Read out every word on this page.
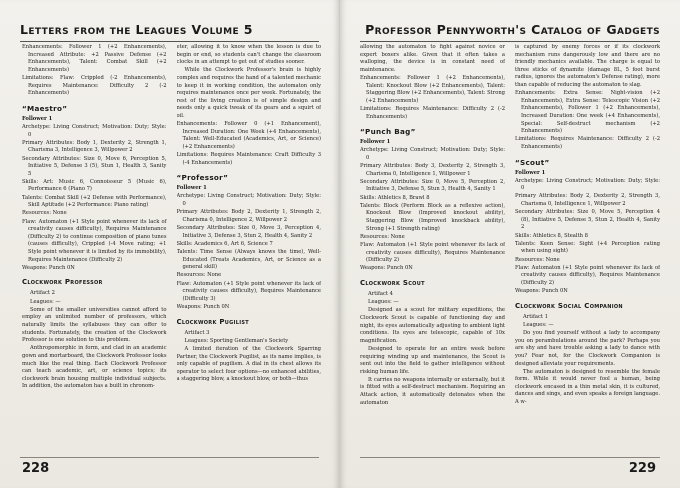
Letters from the Leagues Volume 5

Enhancements: Follower 1 (+2 Enhancements), Increased Attribute: +2 Passive Defense (+2 Enhancements), Talent: Combat Skill (+2 Enhancements)

Limitations: Flaw: Crippled (-2 Enhancements), Requires Maintenance: Difficulty 2 (-2 Enhancements)

“Maestro”

Follower 1

Archetype: Living Construct; Motivation: Duty; Style: 0

Primary Attributes: Body 1, Dexterity 2, Strength 1, Charisma 3, Intelligence 3, Willpower 2

Secondary Attributes: Size 0, Move 6, Perception 5, Initiative 5, Defense 3 (5), Stun 1, Health 3, Sanity 5

Skills: Art: Music 6, Connoisseur 5 (Music 6), Performance 6 (Piano 7)

Talents: Combat Skill (+2 Defense with Performance), Skill Aptitude (+2 Performance: Piano rating)

Resources: None

Flaw: Automaton (+1 Style point whenever its lack of creativity causes difficulty), Requires Maintenance (Difficulty 2) to continue composition of piano tunes (causes difficulty), Crippled (-4 Move rating; +1 Style point whenever it is limited by its immobility), Requires Maintenance (Difficulty 2)

Weapons: Punch 0N

Clockwork Professor

Artifact 2

Leagues: —

Some of the smaller universities cannot afford to employ an unlimited number of professors, which naturally limits the syllabuses they can offer to students. Fortunately, the creation of the Clockwork Professor is one solution to this problem.

Anthropomorphic in form, and clad in an academic gown and mortarboard, the Clockwork Professor looks much like the real thing. Each Clockwork Professor can teach academic, art, or science topics; its clockwork brain housing multiple individual subjects. In addition, the automaton has a built in chronom-

eter, allowing it to know when the lesson is due to begin or end, so students can't change the classroom clocks in an attempt to get out of studies sooner.

While the Clockwork Professor's brain is highly complex and requires the hand of a talented mechanic to keep it in working condition, the automaton only requires maintenance once per week. Fortunately, the rest of the living creation is of simple design and needs only a quick tweak of its gears and a squirt of oil.

Enhancements: Follower 0 (+1 Enhancement), Increased Duration: One Week (+4 Enhancements), Talent: Well-Educated (Academics, Art, or Science) (+2 Enhancements)

Limitations: Requires Maintenance: Craft Difficulty 3 (-4 Enhancements)

“Professor”

Follower 1

Archetype: Living Construct; Motivation: Duty; Style: 0

Primary Attributes: Body 2, Dexterity 1, Strength 2, Charisma 0, Intelligence 2, Willpower 2

Secondary Attributes: Size 0, Move 3, Perception 4, Initiative 3, Defense 3, Stun 2, Health 4, Sanity 2

Skills: Academics 6, Art 6, Science 7

Talents: Time Sense (Always knows the time), Well-Educated (Treats Academics, Art, or Science as a general skill)

Resources: None

Flaw: Automaton (+1 Style point whenever its lack of creativity causes difficulty), Requires Maintenance (Difficulty 3)

Weapons: Punch 0N

Clockwork Pugilist

Artifact 3

Leagues: Sporting Gentleman's Society

A limited iteration of the Clockwork Sparring Partner, the Clockwork Pugilist, as its name implies, is only capable of pugilism. A dial in its chest allows its operator to select four options—no enhanced abilities, a staggering blow, a knockout blow, or both—thus

228
Professor Pennyworth's Catalog of Gadgets

allowing the automaton to fight against novice or expert boxers alike. Given that it often takes a walloping, the device is in constant need of maintenance.

Enhancements: Follower 1 (+2 Enhancements), Talent: Knockout Blow (+2 Enhancements), Talent: Staggering Blow (+2 Enhancements), Talent: Strong (+2 Enhancements)

Limitations: Requires Maintenance: Difficulty 2 (-2 Enhancements)

“Punch Bag”

Follower 1

Archetype: Living Construct; Motivation: Duty; Style: 0

Primary Attributes: Body 3, Dexterity 2, Strength 3, Charisma 0, Intelligence 1, Willpower 1

Secondary Attributes: Size 0, Move 5, Perception 2, Initiative 3, Defense 5, Stun 3, Health 4, Sanity 1

Skills: Athletics 8, Brawl 8

Talents: Block (Perform Block as a reflexive action), Knockout Blow (Improved knockout ability), Staggering Blow (Improved knockback ability), Strong (+1 Strength rating)

Resources: None

Flaw: Automaton (+1 Style point whenever its lack of creativity causes difficulty), Requires Maintenance (Difficulty 2)

Weapons: Punch 0N

Clockwork Scout

Artifact 4

Leagues: —

Designed as a scout for military expeditions, the Clockwork Scout is capable of functioning day and night, its eyes automatically adjusting to ambient light conditions. Its eyes are telescopic, capable of 10x magnification.

Designed to operate for an entire week before requiring winding up and maintenance, the Scout is sent out into the field to gather intelligence without risking human life.

It carries no weapons internally or externally, but it is fitted with a self-destruct mechanism. Requiring an Attack action, it automatically detonates when the automaton

is captured by enemy forces or if its clockwork mechanism runs dangerously low and there are no friendly mechanics available. The charge is equal to three sticks of dynamite (damage 8L, 5 foot burst radius, ignores the automaton's Defense rating), more than capable of reducing the automaton to slag.

Enhancements: Extra Sense: Night-vision (+2 Enhancements), Extra Sense: Telescopic Vision (+2 Enhancements), Follower 1 (+2 Enhancements), Increased Duration: One week (+4 Enhancements), Special: Self-destruct mechanism (+2 Enhancements)

Limitations: Requires Maintenance: Difficulty 2 (-2 Enhancements)

“Scout”

Follower 1

Archetype: Living Construct; Motivation: Duty; Style: 0

Primary Attributes: Body 2, Dexterity 2, Strength 3, Charisma 0, Intelligence 1, Willpower 2

Secondary Attributes: Size 0, Move 5, Perception 4 (8), Initiative 5, Defense 5, Stun 2, Health 4, Sanity 2

Skills: Athletics 8, Stealth 8

Talents: Keen Sense: Sight (+4 Perception rating when using sight)

Resources: None

Flaw: Automaton (+1 Style point whenever its lack of creativity causes difficulty), Requires Maintenance (Difficulty 2)

Weapons: Punch 0N

Clockwork Social Companion

Artifact 1

Leagues: —

Do you find yourself without a lady to accompany you on perambulations around the park? Perhaps you are shy and have trouble asking a lady to dance with you? Fear not, for the Clockwork Companion is designed alleviate your requirements.

The automaton is designed to resemble the female form. While it would never fool a human, being clockwork encased in a thin metal skin, it is cultured, dances and sings, and even speaks a foreign language. A w-

229
